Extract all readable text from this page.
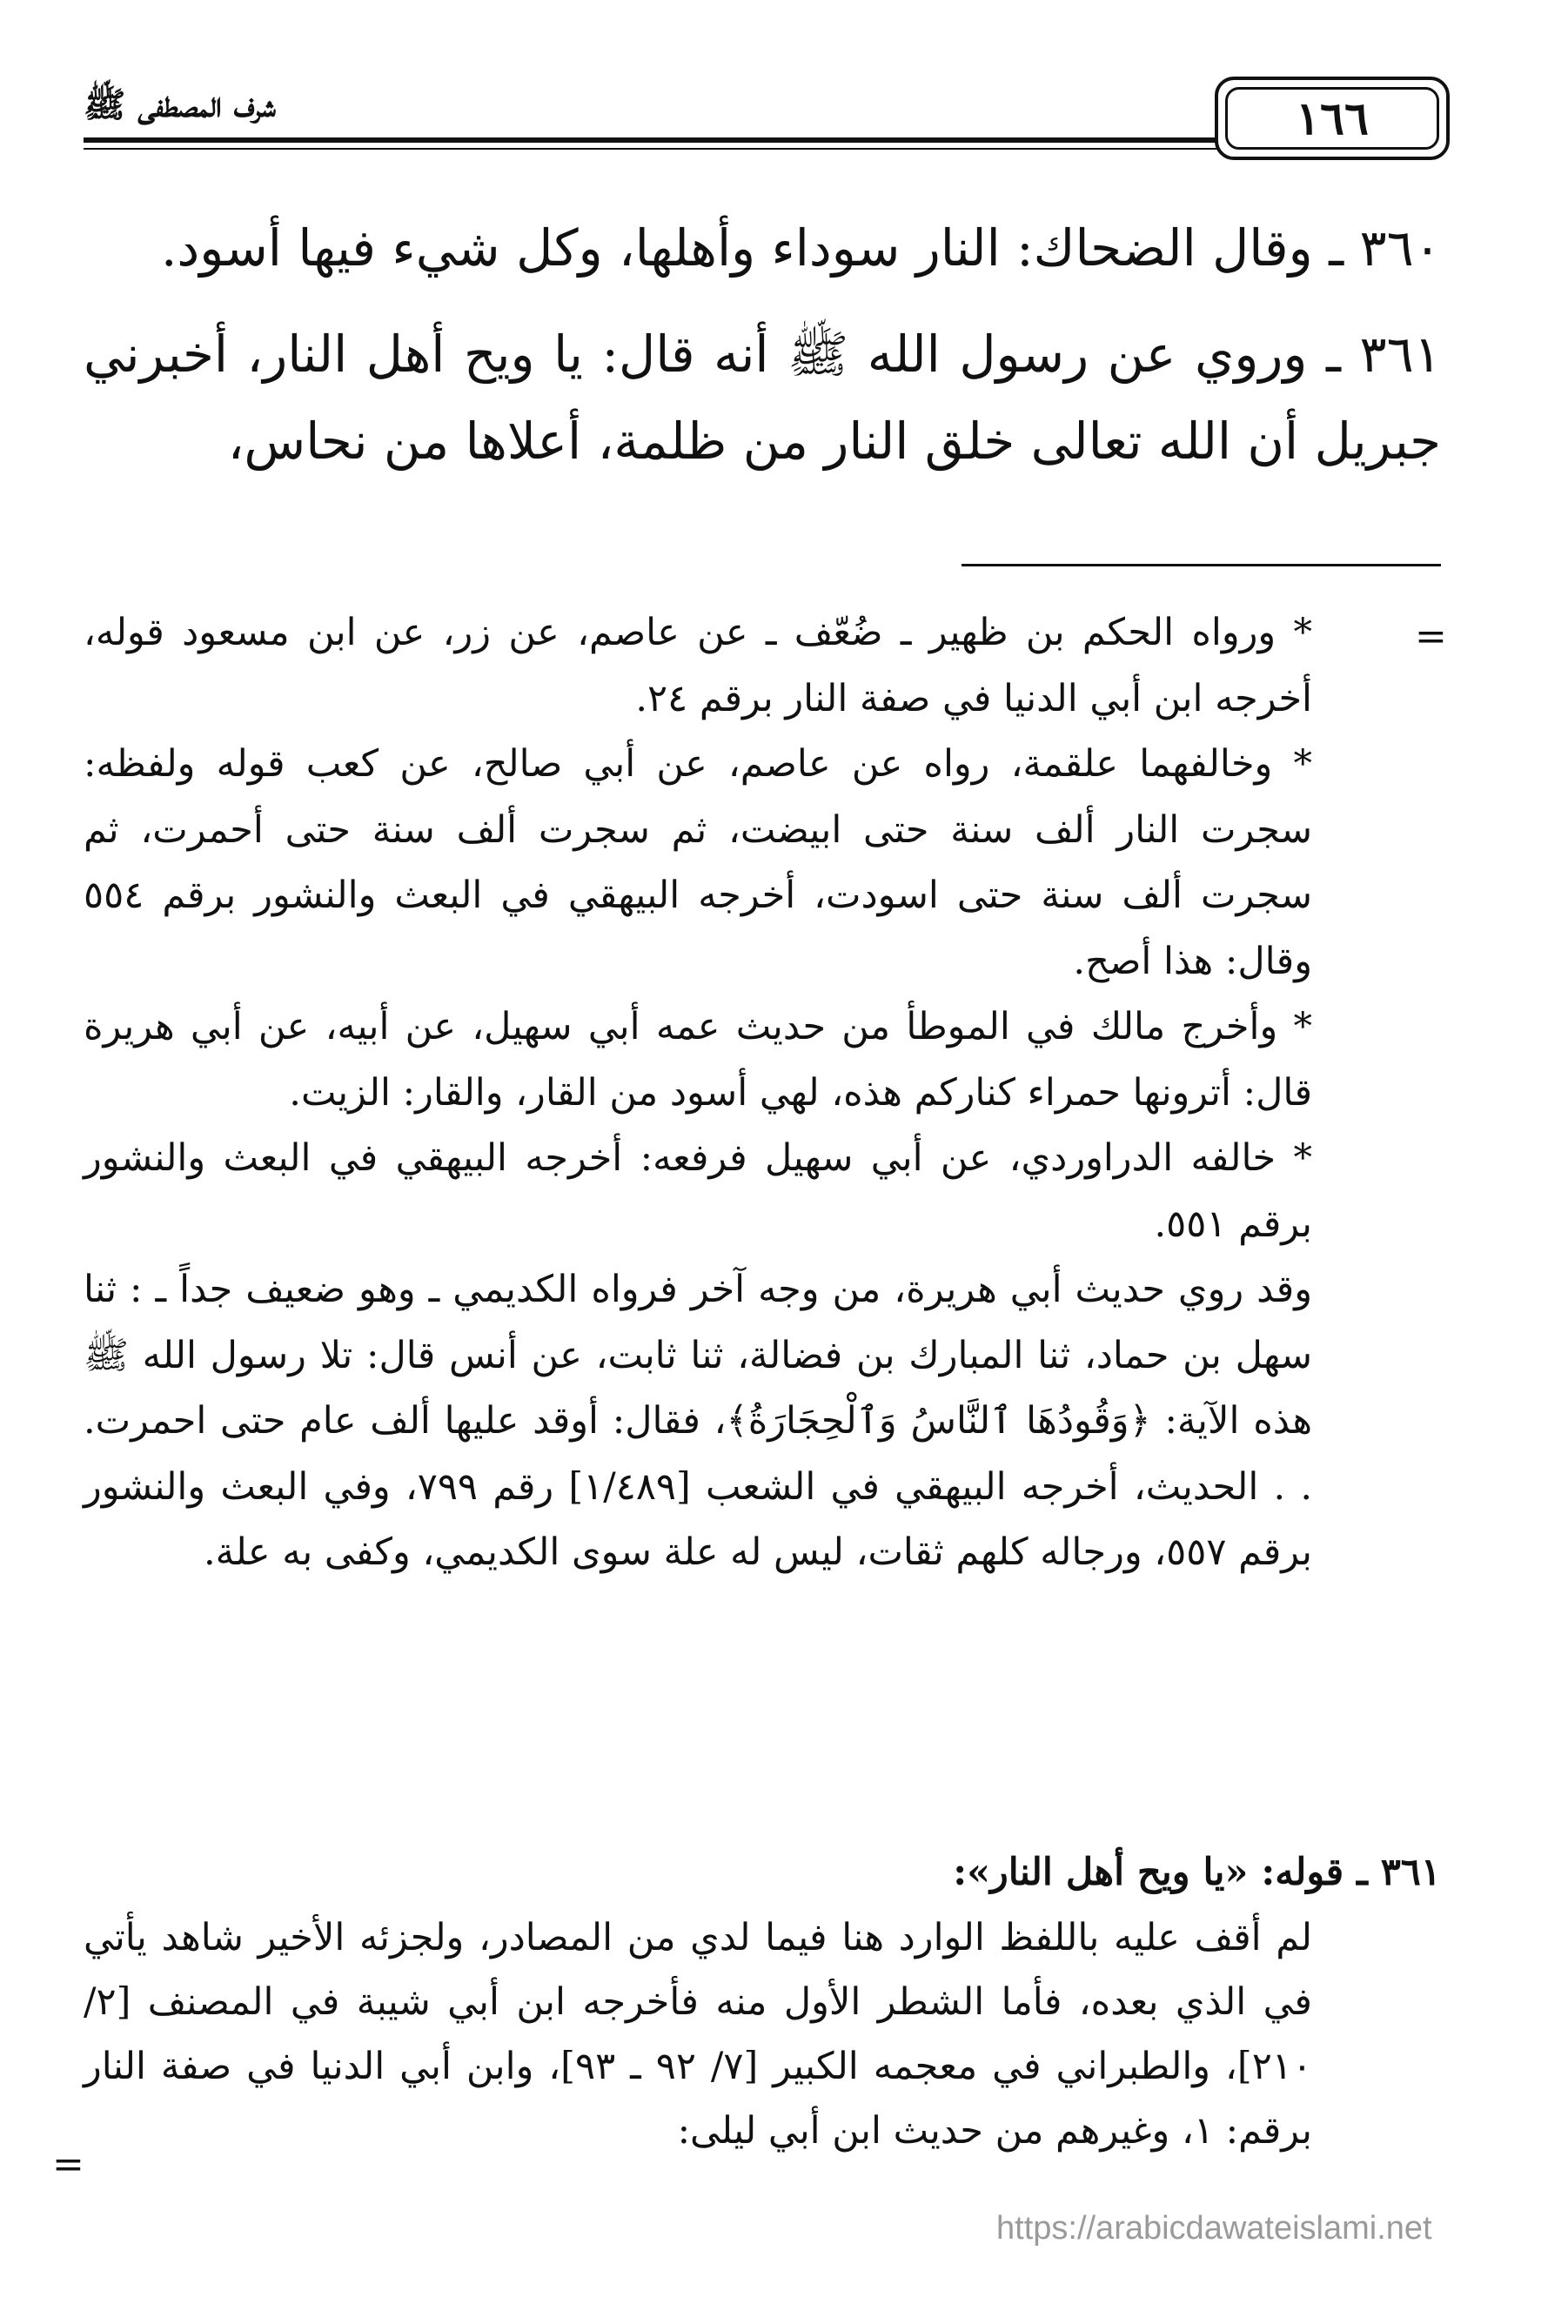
شرف المصطفى ﷺ	١٦٦

٣٦٠ ـ وقال الضحاك: النار سوداء وأهلها، وكل شيء فيها أسود.

٣٦١ ـ وروي عن رسول الله ﷺ أنه قال: يا ويح أهل النار، أخبرني جبريل أن الله تعالى خلق النار من ظلمة، أعلاها من نحاس،

=

* ورواه الحكم بن ظهير ـ ضُعّف ـ عن عاصم، عن زر، عن ابن مسعود قوله، أخرجه ابن أبي الدنيا في صفة النار برقم ٢٤.

* وخالفهما علقمة، رواه عن عاصم، عن أبي صالح، عن كعب قوله ولفظه: سجرت النار ألف سنة حتى ابيضت، ثم سجرت ألف سنة حتى أحمرت، ثم سجرت ألف سنة حتى اسودت، أخرجه البيهقي في البعث والنشور برقم ٥٥٤ وقال: هذا أصح.

* وأخرج مالك في الموطأ من حديث عمه أبي سهيل، عن أبيه، عن أبي هريرة قال: أترونها حمراء كناركم هذه، لهي أسود من القار، والقار: الزيت.

* خالفه الدراوردي، عن أبي سهيل فرفعه: أخرجه البيهقي في البعث والنشور برقم ٥٥١.

وقد روي حديث أبي هريرة، من وجه آخر فرواه الكديمي ـ وهو ضعيف جداً ـ : ثنا سهل بن حماد، ثنا المبارك بن فضالة، ثنا ثابت، عن أنس قال: تلا رسول الله ﷺ هذه الآية: ﴿وَقُودُهَا ٱلنَّاسُ وَٱلْحِجَارَةُ﴾، فقال: أوقد عليها ألف عام حتى احمرت. . . الحديث، أخرجه البيهقي في الشعب [١/٤٨٩] رقم ٧٩٩، وفي البعث والنشور برقم ٥٥٧، ورجاله كلهم ثقات، ليس له علة سوى الكديمي، وكفى به علة.

٣٦١ ـ قوله: «يا ويح أهل النار»:

لم أقف عليه باللفظ الوارد هنا فيما لدي من المصادر، ولجزئه الأخير شاهد يأتي في الذي بعده، فأما الشطر الأول منه فأخرجه ابن أبي شيبة في المصنف [٢/ ٢١٠]، والطبراني في معجمه الكبير [٧/ ٩٢ ـ ٩٣]، وابن أبي الدنيا في صفة النار برقم: ١، وغيرهم من حديث ابن أبي ليلى:

=
https://arabicdawateislami.net
